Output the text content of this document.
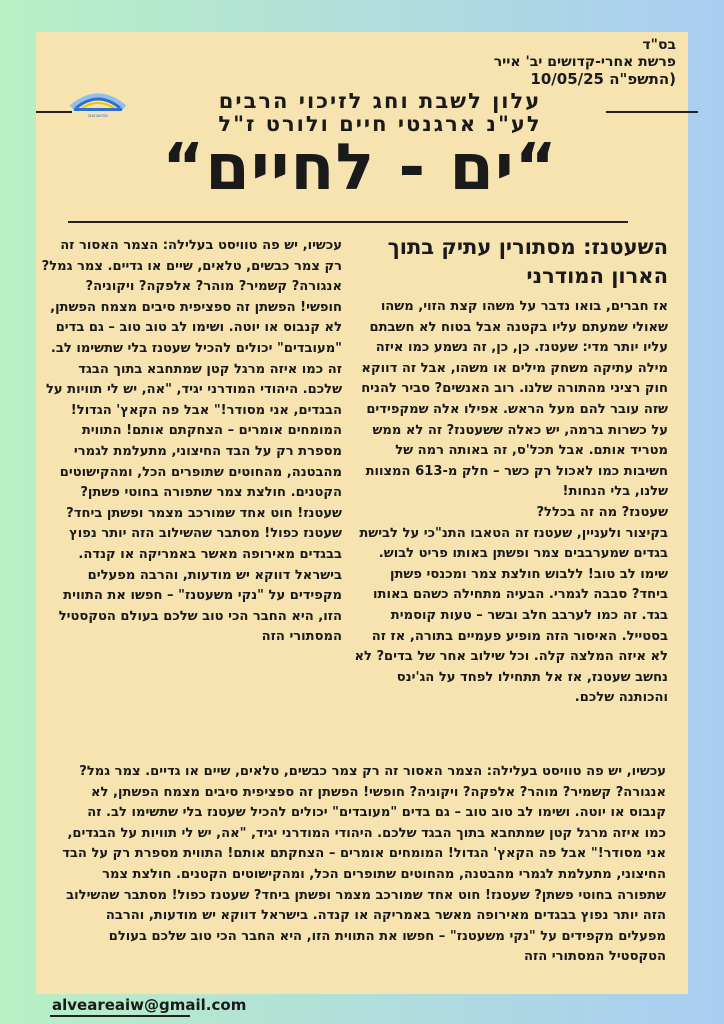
בס"ד
פרשת אחרי-קדושים יב' אייר
(התשפ"ה 10/05/25
בסשבשם
עלון לשבת וחג לזיכוי הרבים
לע"נ ארגנטי חיים ולורט ז"ל
“ים - לחיים“
השעטנז: מסתורין עתיק בתוך הארון המודרני

אז חברים, בואו נדבר על משהו קצת הזוי, משהו שאולי שמעתם עליו בקטנה אבל בטוח לא חשבתם עליו יותר מדי: שעטנז. כן, כן, זה נשמע כמו איזה מילה עתיקה משחק מילים או משהו, אבל זה דווקא חוק רציני מהתורה שלנו. רוב האנשים? סביר להניח שזה עובר להם מעל הראש. אפילו אלה שמקפידים על כשרות ברמה, יש כאלה ששעטנז? זה לא ממש מטריד אותם. אבל תכל'ס, זה באותה רמה של חשיבות כמו לאכול רק כשר – חלק מ-613 המצוות שלנו, בלי הנחות!

שעטנז? מה זה בכלל?

בקיצור ולעניין, שעטנז זה הטאבו התנ"כי על לבישת בגדים שמערבבים צמר ופשתן באותו פריט לבוש. שימו לב טוב! ללבוש חולצת צמר ומכנסי פשתן ביחד? סבבה לגמרי. הבעיה מתחילה כשהם באותו בגד. זה כמו לערבב חלב ובשר – טעות קוסמית בסטייל. האיסור הזה מופיע פעמיים בתורה, אז זה לא איזה המלצה קלה. וכל שילוב אחר של בדים? לא נחשב שעטנז, אז אל תתחילו לפחד על הג'ינס והכותנה שלכם.

עכשיו, יש פה טוויסט בעלילה: הצמר האסור זה רק צמר כבשים, טלאים, שיים או גדיים. צמר גמל? אנגורה? קשמיר? מוהר? אלפקה? ויקוניה? חופשי! הפשתן זה ספציפית סיבים מצמח הפשתן, לא קנבוס או יוטה. ושימו לב טוב טוב – גם בדים "מעובדים" יכולים להכיל שעטנז בלי שתשימו לב. זה כמו איזה מרגל קטן שמתחבא בתוך הבגד שלכם. היהודי המודרני יגיד, "אה, יש לי תוויות על הבגדים, אני מסודר!" אבל פה הקאץ' הגדול! המומחים אומרים – הצחקתם אותם! התווית מספרת רק על הבד החיצוני, מתעלמת לגמרי מהבטנה, מהחוטים שתופרים הכל, ומהקישוטים הקטנים. חולצת צמר שתפורה בחוטי פשתן? שעטנז! חוט אחד שמורכב מצמר ופשתן ביחד? שעטנז כפול! מסתבר שהשילוב הזה יותר נפוץ בבגדים מאירופה מאשר באמריקה או קנדה. בישראל דווקא יש מודעות, והרבה מפעלים מקפידים על "נקי משעטנז" – חפשו את התווית הזו, היא החבר הכי טוב שלכם בעולם הטקסטיל המסתורי הזה

עכשיו, יש פה טוויסט בעלילה: הצמר האסור זה רק צמר כבשים, טלאים, שיים או גדיים. צמר גמל? אנגורה? קשמיר? מוהר? אלפקה? ויקוניה? חופשי! הפשתן זה ספציפית סיבים מצמח הפשתן, לא קנבוס או יוטה. ושימו לב טוב טוב – גם בדים "מעובדים" יכולים להכיל שעטנז בלי שתשימו לב. זה כמו איזה מרגל קטן שמתחבא בתוך הבגד שלכם. היהודי המודרני יגיד, "אה, יש לי תוויות על הבגדים, אני מסודר!" אבל פה הקאץ' הגדול! המומחים אומרים – הצחקתם אותם! התווית מספרת רק על הבד החיצוני, מתעלמת לגמרי מהבטנה, מהחוטים שתופרים הכל, ומהקישוטים הקטנים. חולצת צמר שתפורה בחוטי פשתן? שעטנז! חוט אחד שמורכב מצמר ופשתן ביחד? שעטנז כפול! מסתבר שהשילוב הזה יותר נפוץ בבגדים מאירופה מאשר באמריקה או קנדה. בישראל דווקא יש מודעות, והרבה מפעלים מקפידים על "נקי משעטנז" – חפשו את התווית הזו, היא החבר הכי טוב שלכם בעולם הטקסטיל המסתורי הזה

alveareaiw@gmail.com
